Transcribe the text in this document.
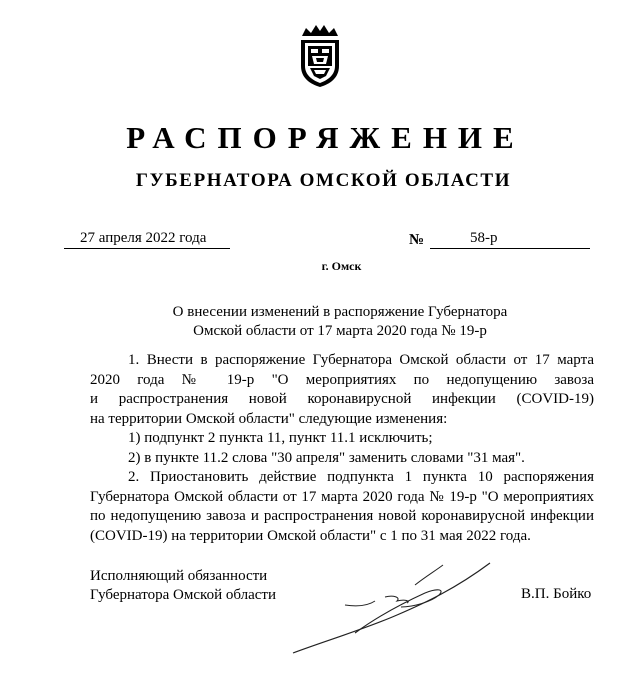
РАСПОРЯЖЕНИЕ
ГУБЕРНАТОРА ОМСКОЙ ОБЛАСТИ
27 апреля 2022 года	№	58-р
г. Омск
О внесении изменений в распоряжение Губернатора
Омской области от 17 марта 2020 года № 19-р

1. Внести в распоряжение Губернатора Омской области от 17 марта

2020 года № 19-р "О мероприятиях по недопущению завоза

и распространения новой коронавирусной инфекции (COVID-19)

на территории Омской области" следующие изменения:

1) подпункт 2 пункта 11, пункт 11.1 исключить;

2) в пункте 11.2 слова "30 апреля" заменить словами "31 мая".

2. Приостановить действие подпункта 1 пункта 10 распоряжения

Губернатора Омской области от 17 марта 2020 года № 19-р "О мероприятиях

по недопущению завоза и распространения новой коронавирусной инфекции

(COVID-19) на территории Омской области" с 1 по 31 мая 2022 года.

Исполняющий обязанности
Губернатора Омской области	В.П. Бойко
